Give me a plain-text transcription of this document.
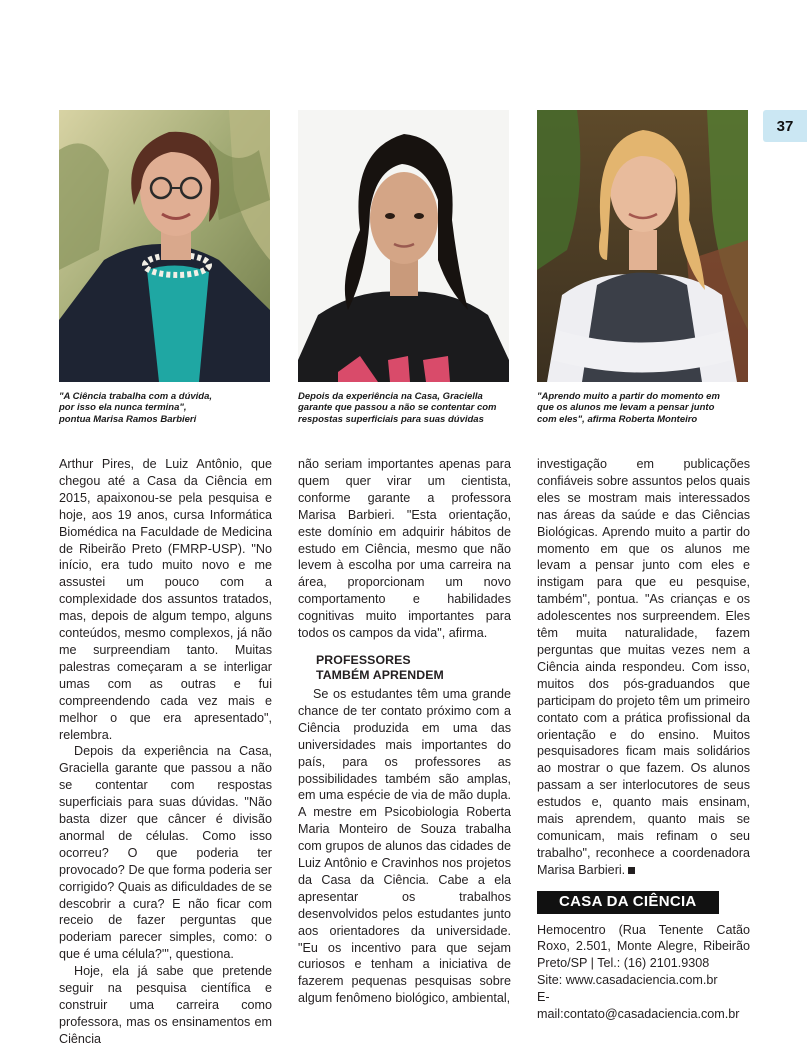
37
"A Ciência trabalha com a dúvida,
por isso ela nunca termina",
pontua Marisa Ramos Barbieri
Depois da experiência na Casa, Graciella
garante que passou a não se contentar com
respostas superficiais para suas dúvidas
"Aprendo muito a partir do momento em
que os alunos me levam a pensar junto
com eles", afirma Roberta Monteiro

Arthur Pires, de Luiz Antônio, que chegou até a Casa da Ciência em 2015, apaixonou-se pela pesquisa e hoje, aos 19 anos, cursa Informática Biomédica na Faculdade de Medicina de Ribeirão Preto (FMRP-USP). "No início, era tudo muito novo e me assustei um pouco com a complexidade dos assuntos tratados, mas, depois de algum tempo, alguns conteúdos, mesmo complexos, já não me surpreendiam tanto. Muitas palestras começaram a se interligar umas com as outras e fui compreendendo cada vez mais e melhor o que era apresentado", relembra.

Depois da experiência na Casa, Graciella garante que passou a não se contentar com respostas superficiais para suas dúvidas. "Não basta dizer que câncer é divisão anormal de células. Como isso ocorreu? O que poderia ter provocado? De que forma poderia ser corrigido? Quais as dificuldades de se descobrir a cura? E não ficar com receio de fazer perguntas que poderiam parecer simples, como: o que é uma célula?'", questiona.

Hoje, ela já sabe que pretende seguir na pesquisa científica e construir uma carreira como professora, mas os ensinamentos em Ciência

não seriam importantes apenas para quem quer virar um cientista, conforme garante a professora Marisa Barbieri. "Esta orientação, este domínio em adquirir hábitos de estudo em Ciência, mesmo que não levem à escolha por uma carreira na área, proporcionam um novo comportamento e habilidades cognitivas muito importantes para todos os campos da vida", afirma.

PROFESSORES
TAMBÉM APRENDEM

Se os estudantes têm uma grande chance de ter contato próximo com a Ciência produzida em uma das universidades mais importantes do país, para os professores as possibilidades também são amplas, em uma espécie de via de mão dupla. A mestre em Psicobiologia Roberta Maria Monteiro de Souza trabalha com grupos de alunos das cidades de Luiz Antônio e Cravinhos nos projetos da Casa da Ciência. Cabe a ela apresentar os trabalhos desenvolvidos pelos estudantes junto aos orientadores da universidade. "Eu os incentivo para que sejam curiosos e tenham a iniciativa de fazerem pequenas pesquisas sobre algum fenômeno biológico, ambiental,

investigação em publicações confiáveis sobre assuntos pelos quais eles se mostram mais interessados nas áreas da saúde e das Ciências Biológicas. Aprendo muito a partir do momento em que os alunos me levam a pensar junto com eles e instigam para que eu pesquise, também", pontua. "As crianças e os adolescentes nos surpreendem. Eles têm muita naturalidade, fazem perguntas que muitas vezes nem a Ciência ainda respondeu. Com isso, muitos dos pós-graduandos que participam do projeto têm um primeiro contato com a prática profissional da orientação e do ensino. Muitos pesquisadores ficam mais solidários ao mostrar o que fazem. Os alunos passam a ser interlocutores de seus estudos e, quanto mais ensinam, mais aprendem, quanto mais se comunicam, mais refinam o seu trabalho", reconhece a coordenadora Marisa Barbieri.

CASA DA CIÊNCIA

Hemocentro (Rua Tenente Catão Roxo, 2.501, Monte Alegre, Ribeirão Preto/SP | Tel.: (16) 2101.9308

Site: www.casadaciencia.com.br
E-mail:contato@casadaciencia.com.br
